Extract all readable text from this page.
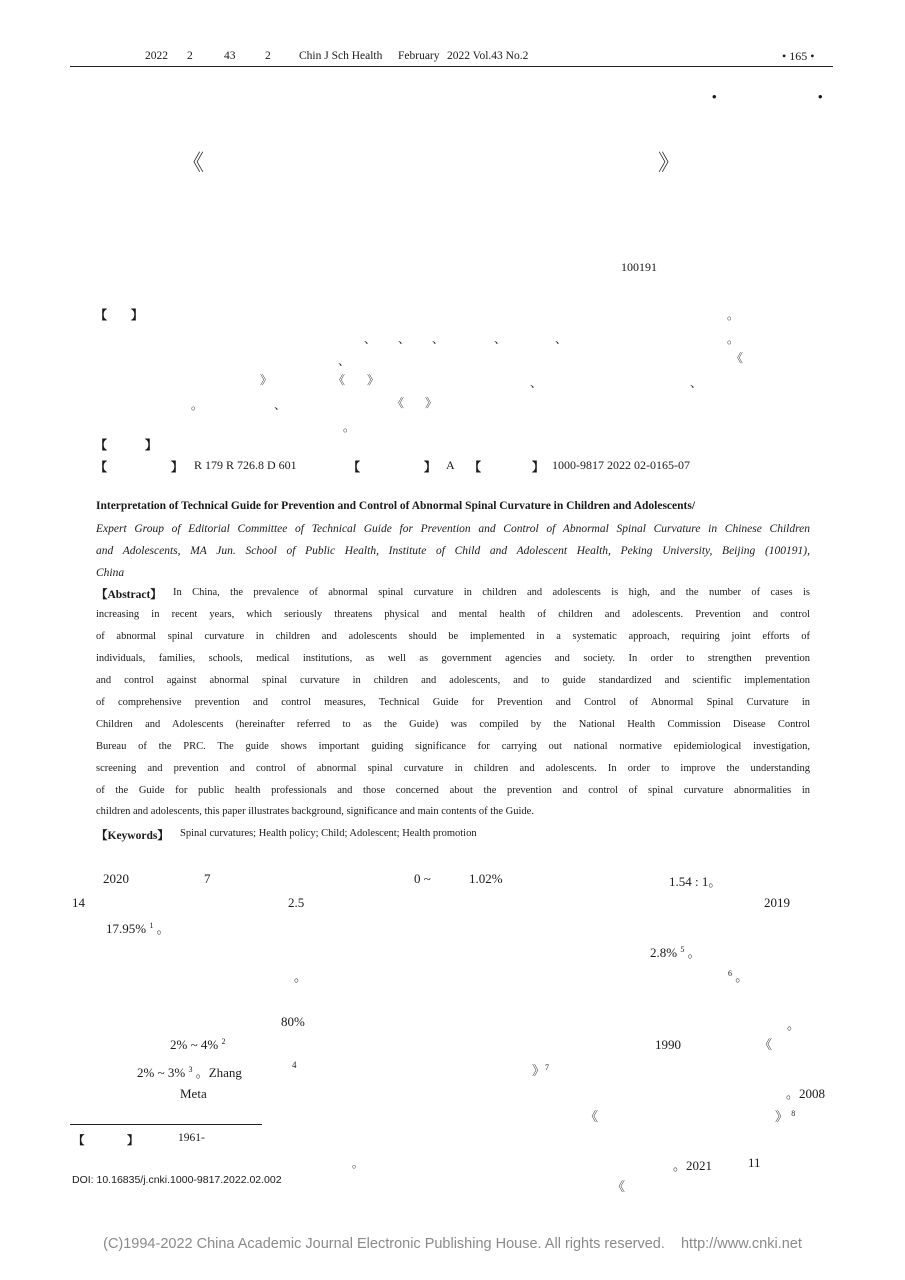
2022 2	43	2 Chin J Sch Health February 2022 Vol.43 No.2	• 165 •
•	•
《	》
100191
【 】	。
、 、 、	、	、	。
、	《
》	《 》	、	、
。	、	《 》
。
【	】
【	】 R 179 R 726.8 D 601	【	】 A 【	】 1000-9817 2022 02-0165-07
Interpretation of Technical Guide for Prevention and Control of Abnormal Spinal Curvature in Children and Adolescents/
Expert Group of Editorial Committee of Technical Guide for Prevention and Control of Abnormal Spinal Curvature in Chinese Children
and Adolescents, MA Jun. School of Public Health, Institute of Child and Adolescent Health, Peking University, Beijing (100191),
China
【Abstract】 In China, the prevalence of abnormal spinal curvature in children and adolescents is high, and the number of cases is
increasing in recent years, which seriously threatens physical and mental health of children and adolescents. Prevention and control
of abnormal spinal curvature in children and adolescents should be implemented in a systematic approach, requiring joint efforts of
individuals, families, schools, medical institutions, as well as government agencies and society. In order to strengthen prevention
and control against abnormal spinal curvature in children and adolescents, and to guide standardized and scientific implementation
of comprehensive prevention and control measures, Technical Guide for Prevention and Control of Abnormal Spinal Curvature in
Children and Adolescents (hereinafter referred to as the Guide) was compiled by the National Health Commission Disease Control
Bureau of the PRC. The guide shows important guiding significance for carrying out national normative epidemiological investigation,
screening and prevention and control of abnormal spinal curvature in children and adolescents. In order to improve the understanding
of the Guide for public health professionals and those concerned about the prevention and control of spinal curvature abnormalities in
children and adolescents, this paper illustrates background, significance and main contents of the Guide.
【Keywords】 Spinal curvatures; Health policy; Child; Adolescent; Health promotion
2020	7
14	2.5
17.95% $^1$ 。
。
80%
2% ~ 4% $^2$
2% ~ 3% $^3$ 。Zhang	4
Meta
【	】	1961-
。
DOI: 10.16835/j.cnki.1000-9817.2022.02.002
0 ~	1.02%	1.54 : 1。
2019
2.8% $^5$ 。
$^6$ 。
。
1990	《
》$^7$
。2008
《	》 $^8$
。2021	11
《
(C)1994-2022 China Academic Journal Electronic Publishing House. All rights reserved.    http://www.cnki.net
